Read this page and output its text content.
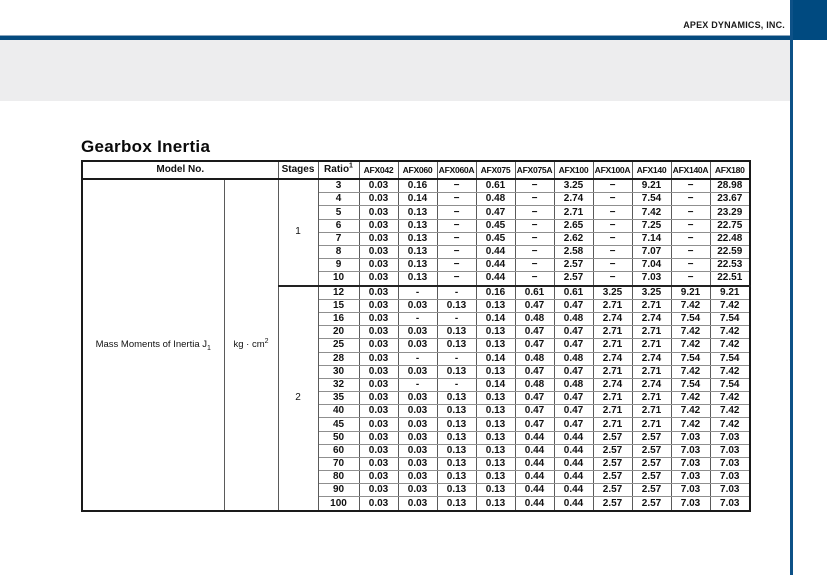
APEX DYNAMICS, INC.
Gearbox Inertia
Model No.		Stages	Ratio$^1$	AFX042	AFX060	AFX060A	AFX075	AFX075A	AFX100	AFX100A	AFX140	AFX140A	AFX180
Mass Moments of Inertia $J_1$	kg · $cm^2$	1	3	0.03	0.16	−	0.61	−	3.25	−	9.21	−	28.98
			4	0.03	0.14	−	0.48	−	2.74	−	7.54	−	23.67
			5	0.03	0.13	−	0.47	−	2.71	−	7.42	−	23.29
			6	0.03	0.13	−	0.45	−	2.65	−	7.25	−	22.75
			7	0.03	0.13	−	0.45	−	2.62	−	7.14	−	22.48
			8	0.03	0.13	−	0.44	−	2.58	−	7.07	−	22.59
			9	0.03	0.13	−	0.44	−	2.57	−	7.04	−	22.53
			10	0.03	0.13	−	0.44	−	2.57	−	7.03	−	22.51
		2	12	0.03	-	-	0.16	0.61	0.61	3.25	3.25	9.21	9.21
			15	0.03	0.03	0.13	0.13	0.47	0.47	2.71	2.71	7.42	7.42
			16	0.03	-	-	0.14	0.48	0.48	2.74	2.74	7.54	7.54
			20	0.03	0.03	0.13	0.13	0.47	0.47	2.71	2.71	7.42	7.42
			25	0.03	0.03	0.13	0.13	0.47	0.47	2.71	2.71	7.42	7.42
			28	0.03	-	-	0.14	0.48	0.48	2.74	2.74	7.54	7.54
			30	0.03	0.03	0.13	0.13	0.47	0.47	2.71	2.71	7.42	7.42
			32	0.03	-	-	0.14	0.48	0.48	2.74	2.74	7.54	7.54
			35	0.03	0.03	0.13	0.13	0.47	0.47	2.71	2.71	7.42	7.42
			40	0.03	0.03	0.13	0.13	0.47	0.47	2.71	2.71	7.42	7.42
			45	0.03	0.03	0.13	0.13	0.47	0.47	2.71	2.71	7.42	7.42
			50	0.03	0.03	0.13	0.13	0.44	0.44	2.57	2.57	7.03	7.03
			60	0.03	0.03	0.13	0.13	0.44	0.44	2.57	2.57	7.03	7.03
			70	0.03	0.03	0.13	0.13	0.44	0.44	2.57	2.57	7.03	7.03
			80	0.03	0.03	0.13	0.13	0.44	0.44	2.57	2.57	7.03	7.03
			90	0.03	0.03	0.13	0.13	0.44	0.44	2.57	2.57	7.03	7.03
			100	0.03	0.03	0.13	0.13	0.44	0.44	2.57	2.57	7.03	7.03
